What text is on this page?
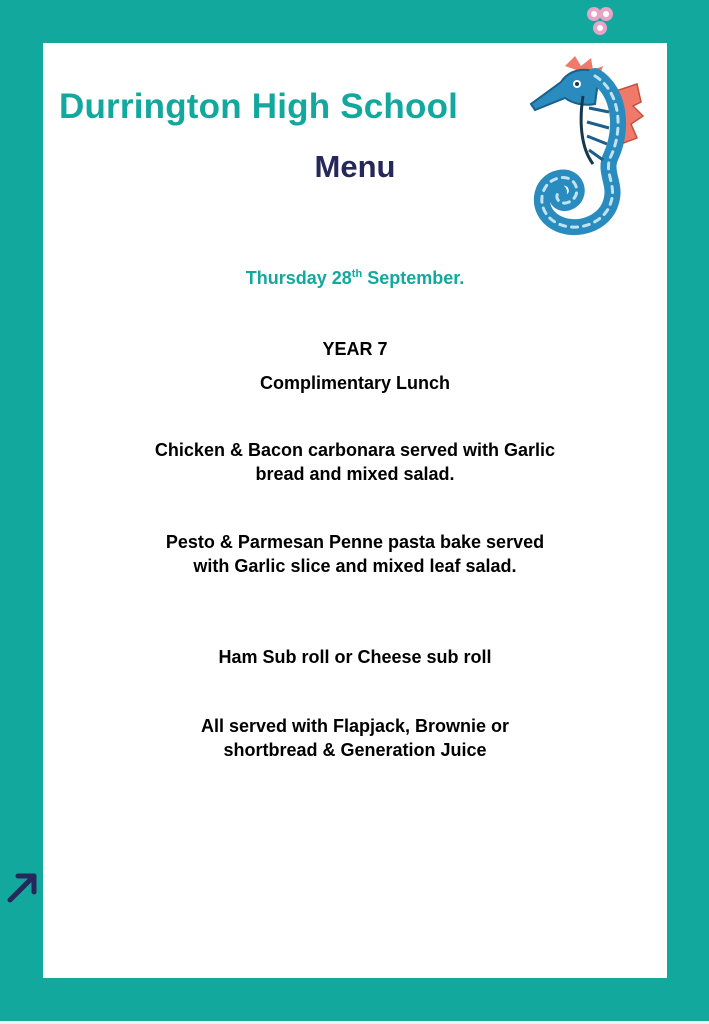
Durrington High School
Menu
Thursday 28th September.
YEAR 7
Complimentary Lunch
Chicken & Bacon carbonara served with Garlic bread and mixed salad.
Pesto & Parmesan Penne pasta bake served with Garlic slice and mixed leaf salad.
Ham Sub roll or Cheese sub roll
All served with Flapjack, Brownie or shortbread & Generation Juice
